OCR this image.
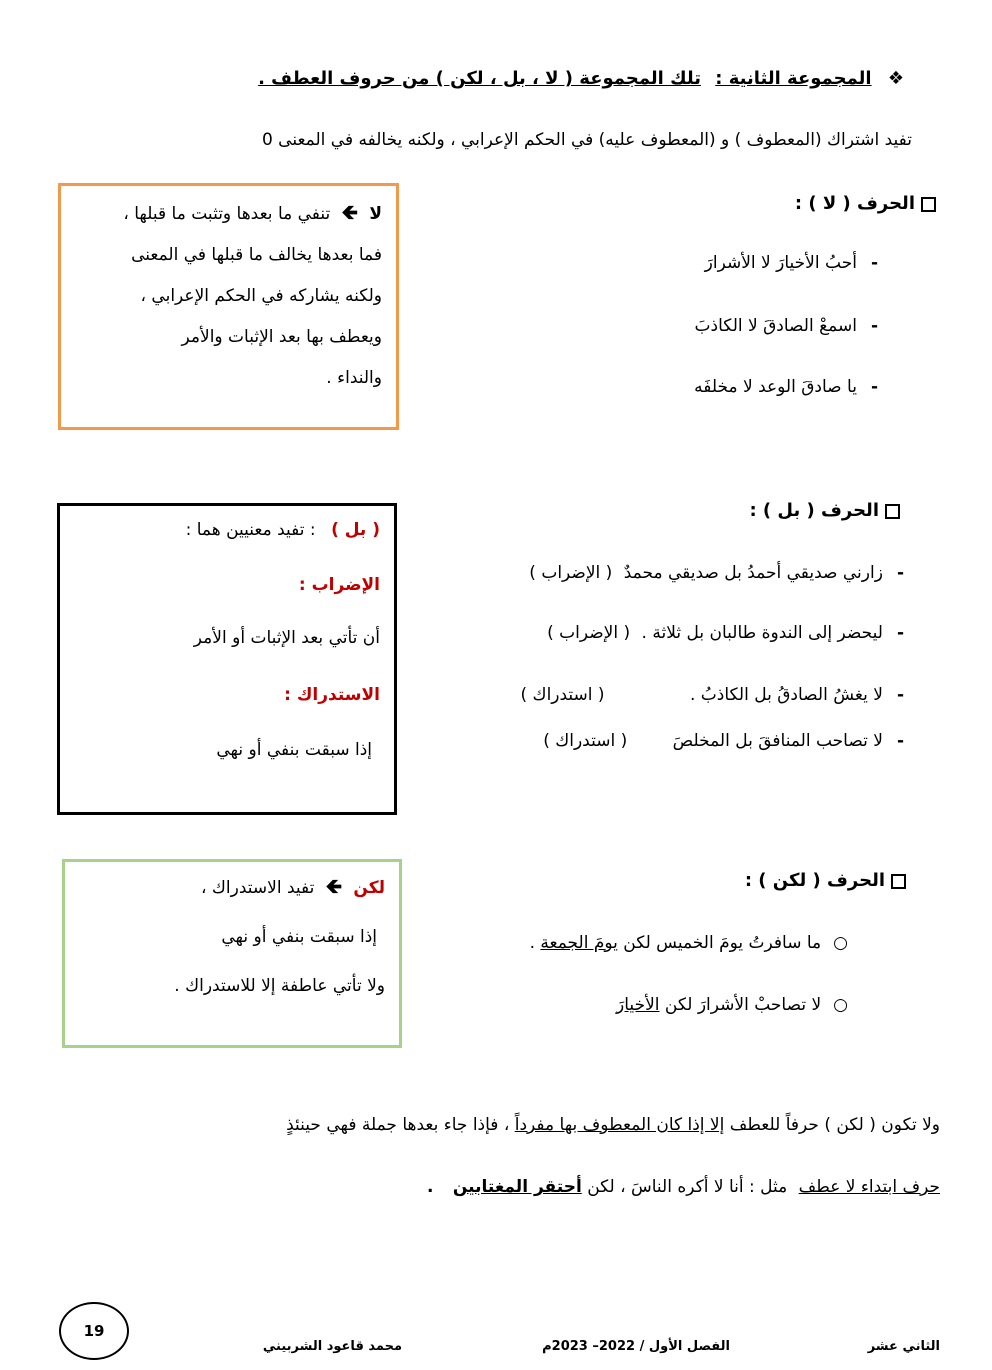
❖ المجموعة الثانية : تلك المجموعة ( لا ، بل ، لكن ) من حروف العطف .
تفيد اشتراك (المعطوف ) و (المعطوف عليه) في الحكم الإعرابي ، ولكنه يخالفه في المعنى 0
الحرف ( لا ) :
-أحبُ الأخيارَ لا الأشرارَ
-اسمعْ الصادقَ لا الكاذبَ
-يا صادقَ الوعد لا مخلفَه

لا 🡸 تنفي ما بعدها وتثبت ما قبلها ،

فما بعدها يخالف ما قبلها في المعنى

ولكنه يشاركه في الحكم الإعرابي ،

ويعطف بها بعد الإثبات والأمر

والنداء .

الحرف ( بل ) :
-زارني صديقي أحمدُ بل صديقي محمدٌ ( الإضراب )
-ليحضر إلى الندوة طالبان بل ثلاثة . ( الإضراب )
-لا يغشُ الصادقُ بل الكاذبُ . ( استدراك )
-لا تصاحب المنافقَ بل المخلصَ ( استدراك )

( بل ) : تفيد معنيين هما :

الإضراب :

أن تأتي بعد الإثبات أو الأمر

الاستدراك :

إذا سبقت بنفي أو نهي

الحرف ( لكن ) :
○ما سافرتُ يومَ الخميس لكن يومَ الجمعة .
○لا تصاحبْ الأشرارَ لكن الأخيارَ

لكن 🡸 تفيد الاستدراك ،

إذا سبقت بنفي أو نهي

ولا تأتي عاطفة إلا للاستدراك .

ولا تكون ( لكن ) حرفاً للعطف إلا إذا كان المعطوف بها مفرداً ، فإذا جاء بعدها جملة فهي حينئذٍ
حرف ابتداء لا عطف مثل : أنا لا أكره الناسَ ، لكن أحتقر المغتابين .
19
الثاني عشر
الفصل الأول / 2022– 2023م
محمد قاعود الشربيني
